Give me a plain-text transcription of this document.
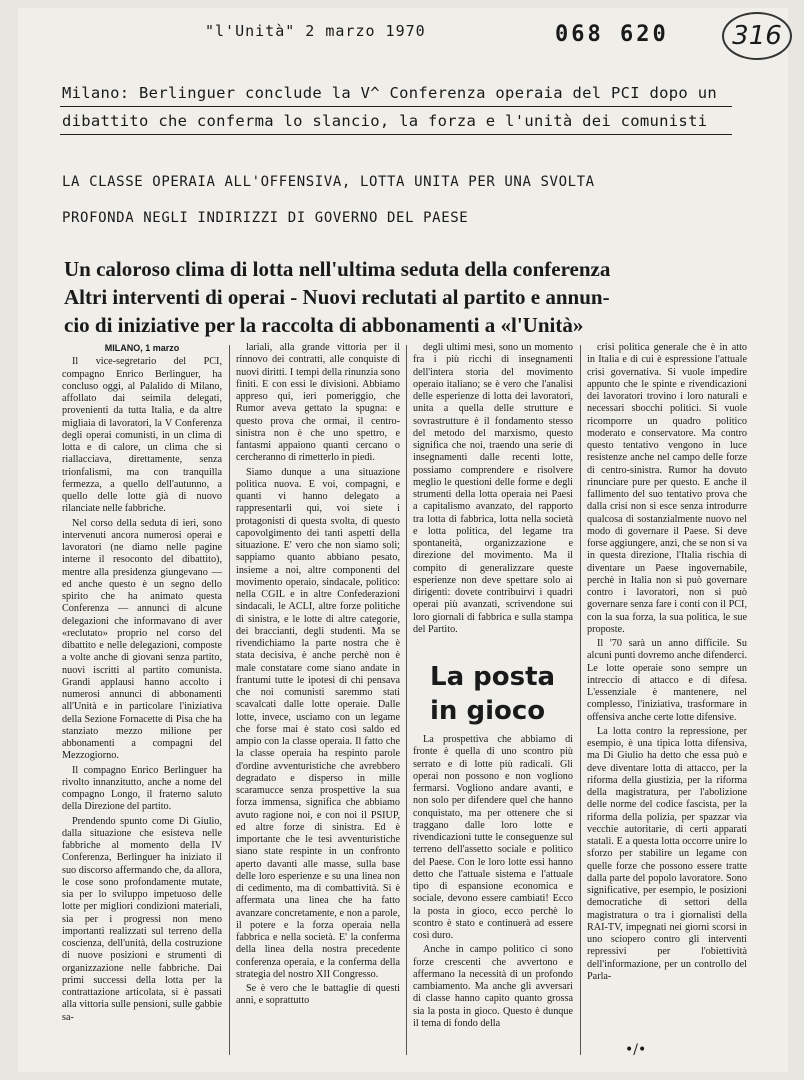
"l'Unità" 2 marzo 1970	068 620	316
Milano: Berlinguer conclude la V^ Conferenza operaia del PCI dopo un
dibattito che conferma lo slancio, la forza e l'unità dei comunisti
LA CLASSE OPERAIA ALL'OFFENSIVA, LOTTA UNITA PER UNA SVOLTA
PROFONDA NEGLI INDIRIZZI DI GOVERNO DEL PAESE
Un caloroso clima di lotta nell'ultima seduta della conferenza
Altri interventi di operai - Nuovi reclutati al partito e annun-
cio di iniziative per la raccolta di abbonamenti a «l'Unità»

MILANO, 1 marzo

Il vice-segretario del PCI, compagno Enrico Berlinguer, ha concluso oggi, al Palalido di Milano, affollato dai seimila delegati, provenienti da tutta Italia, e da altre migliaia di lavoratori, la V Conferenza degli operai comunisti, in un clima di lotta e di calore, un clima che si riallacciava, direttamente, senza trionfalismi, ma con tranquilla fermezza, a quello dell'autunno, a quello delle lotte già di nuovo rilanciate nelle fabbriche.

Nel corso della seduta di ieri, sono intervenuti ancora numerosi operai e lavoratori (ne diamo nelle pagine interne il resoconto del dibattito), mentre alla presidenza giungevano — ed anche questo è un segno dello spirito che ha animato questa Conferenza — annunci di alcune delegazioni che informavano di aver «reclutato» proprio nel corso del dibattito e nelle delegazioni, composte a volte anche di giovani senza partito, nuovi iscritti al partito comunista. Grandi applausi hanno accolto i numerosi annunci di abbonamenti all'Unità e in particolare l'iniziativa della Sezione Fornacette di Pisa che ha stanziato mezzo milione per abbonamenti a compagni del Mezzogiorno.

Il compagno Enrico Berlinguer ha rivolto innanzitutto, anche a nome del compagno Longo, il fraterno saluto della Direzione del partito.

Prendendo spunto come Di Giulio, dalla situazione che esisteva nelle fabbriche al momento della IV Conferenza, Berlinguer ha iniziato il suo discorso affermando che, da allora, le cose sono profondamente mutate, sia per lo sviluppo impetuoso delle lotte per migliori condizioni materiali, sia per i progressi non meno importanti realizzati sul terreno della coscienza, dell'unità, della costruzione di nuove posizioni e strumenti di organizzazione nelle fabbriche. Dai primi successi della lotta per la contrattazione articolata, si è passati alla vittoria sulle pensioni, sulle gabbie sa-

lariali, alla grande vittoria per il rinnovo dei contratti, alle conquiste di nuovi diritti. I tempi della rinunzia sono finiti. E con essi le divisioni. Abbiamo appreso qui, ieri pomeriggio, che Rumor aveva gettato la spugna: e questo prova che ormai, il centro-sinistra non è che uno spettro, e fantasmi appaiono quanti cercano o cercheranno di rimetterlo in piedi.

Siamo dunque a una situazione politica nuova. E voi, compagni, e quanti vi hanno delegato a rappresentarli qui, voi siete i protagonisti di questa svolta, di questo capovolgimento dei tanti aspetti della situazione. E' vero che non siamo soli; sappiamo quanto abbiano pesato, insieme a noi, altre componenti del movimento operaio, sindacale, politico: nella CGIL e in altre Confederazioni sindacali, le ACLI, altre forze politiche di sinistra, e le lotte di altre categorie, dei braccianti, degli studenti. Ma se rivendichiamo la parte nostra che è stata decisiva, è anche perchè non è male constatare come siano andate in frantumi tutte le ipotesi di chi pensava che noi comunisti saremmo stati scavalcati dalle lotte operaie. Dalle lotte, invece, usciamo con un legame che forse mai è stato così saldo ed ampio con la classe operaia. Il fatto che la classe operaia ha respinto parole d'ordine avventuristiche che avrebbero degradato e disperso in mille scaramucce senza prospettive la sua forza immensa, significa che abbiamo avuto ragione noi, e con noi il PSIUP, ed altre forze di sinistra. Ed è importante che le tesi avventuristiche siano state respinte in un confronto aperto davanti alle masse, sulla base delle loro esperienze e su una linea non di cedimento, ma di combattività. Si è affermata una linea che ha fatto avanzare concretamente, e non a parole, il potere e la forza operaia nella fabbrica e nella società. E' la conferma della linea della nostra precedente conferenza operaia, e la conferma della strategia del nostro XII Congresso.

Se è vero che le battaglie di questi anni, e soprattutto

degli ultimi mesi, sono un momento fra i più ricchi di insegnamenti dell'intera storia del movimento operaio italiano; se è vero che l'analisi delle esperienze di lotta dei lavoratori, unita a quella delle strutture e sovrastrutture è il fondamento stesso del metodo del marxismo, questo significa che noi, traendo una serie di insegnamenti dalle recenti lotte, possiamo comprendere e risolvere meglio le questioni delle forme e degli strumenti della lotta operaia nei Paesi a capitalismo avanzato, del rapporto tra lotta di fabbrica, lotta nella società e lotta politica, del legame tra spontaneità, organizzazione e direzione del movimento. Ma il compito di generalizzare queste esperienze non deve spettare solo ai dirigenti: dovete contribuirvi i quadri operai più avanzati, scrivendone sui loro giornali di fabbrica e sulla stampa del Partito.

La posta
in gioco

La prospettiva che abbiamo di fronte è quella di uno scontro più serrato e di lotte più radicali. Gli operai non possono e non vogliono fermarsi. Vogliono andare avanti, e non solo per difendere quel che hanno conquistato, ma per ottenere che si traggano dalle loro lotte e rivendicazioni tutte le conseguenze sul terreno dell'assetto sociale e politico del Paese. Con le loro lotte essi hanno detto che l'attuale sistema e l'attuale tipo di espansione economica e sociale, devono essere cambiati! Ecco la posta in gioco, ecco perchè lo scontro è stato e continuerà ad essere così duro.

Anche in campo politico ci sono forze crescenti che avvertono e affermano la necessità di un profondo cambiamento. Ma anche gli avversari di classe hanno capito quanto grossa sia la posta in gioco. Questo è dunque il tema di fondo della

crisi politica generale che è in atto in Italia e di cui è espressione l'attuale crisi governativa. Si vuole impedire appunto che le spinte e rivendicazioni dei lavoratori trovino i loro naturali e necessari sbocchi politici. Si vuole ricomporre un quadro politico moderato e conservatore. Ma contro questo tentativo vengono in luce resistenze anche nel campo delle forze di centro-sinistra. Rumor ha dovuto rinunciare pure per questo. E anche il fallimento del suo tentativo prova che dalla crisi non si esce senza introdurre qualcosa di sostanzialmente nuovo nel modo di governare il Paese. Si deve forse aggiungere, anzi, che se non si va in questa direzione, l'Italia rischia di diventare un Paese ingovernabile, perchè in Italia non si può governare contro i lavoratori, non si può governare senza fare i conti con il PCI, con la sua forza, la sua politica, le sue proposte.

Il '70 sarà un anno difficile. Su alcuni punti dovremo anche difenderci. Le lotte operaie sono sempre un intreccio di attacco e di difesa. L'essenziale è mantenere, nel complesso, l'iniziativa, trasformare in offensiva anche certe lotte difensive.

La lotta contro la repressione, per esempio, è una tipica lotta difensiva, ma Di Giulio ha detto che essa può e deve diventare lotta di attacco, per la riforma della giustizia, per la riforma della magistratura, per l'abolizione delle norme del codice fascista, per la riforma della polizia, per spazzar via vecchie autoritarie, di certi apparati statali. E a questa lotta occorre unire lo sforzo per stabilire un legame con quelle forze che possono essere tratte dalla parte del popolo lavoratore. Sono significative, per esempio, le posizioni democratiche di settori della magistratura o tra i giornalisti della RAI-TV, impegnati nei giorni scorsi in uno sciopero contro gli interventi repressivi per l'obiettività dell'informazione, per un controllo del Parla-

•/•
